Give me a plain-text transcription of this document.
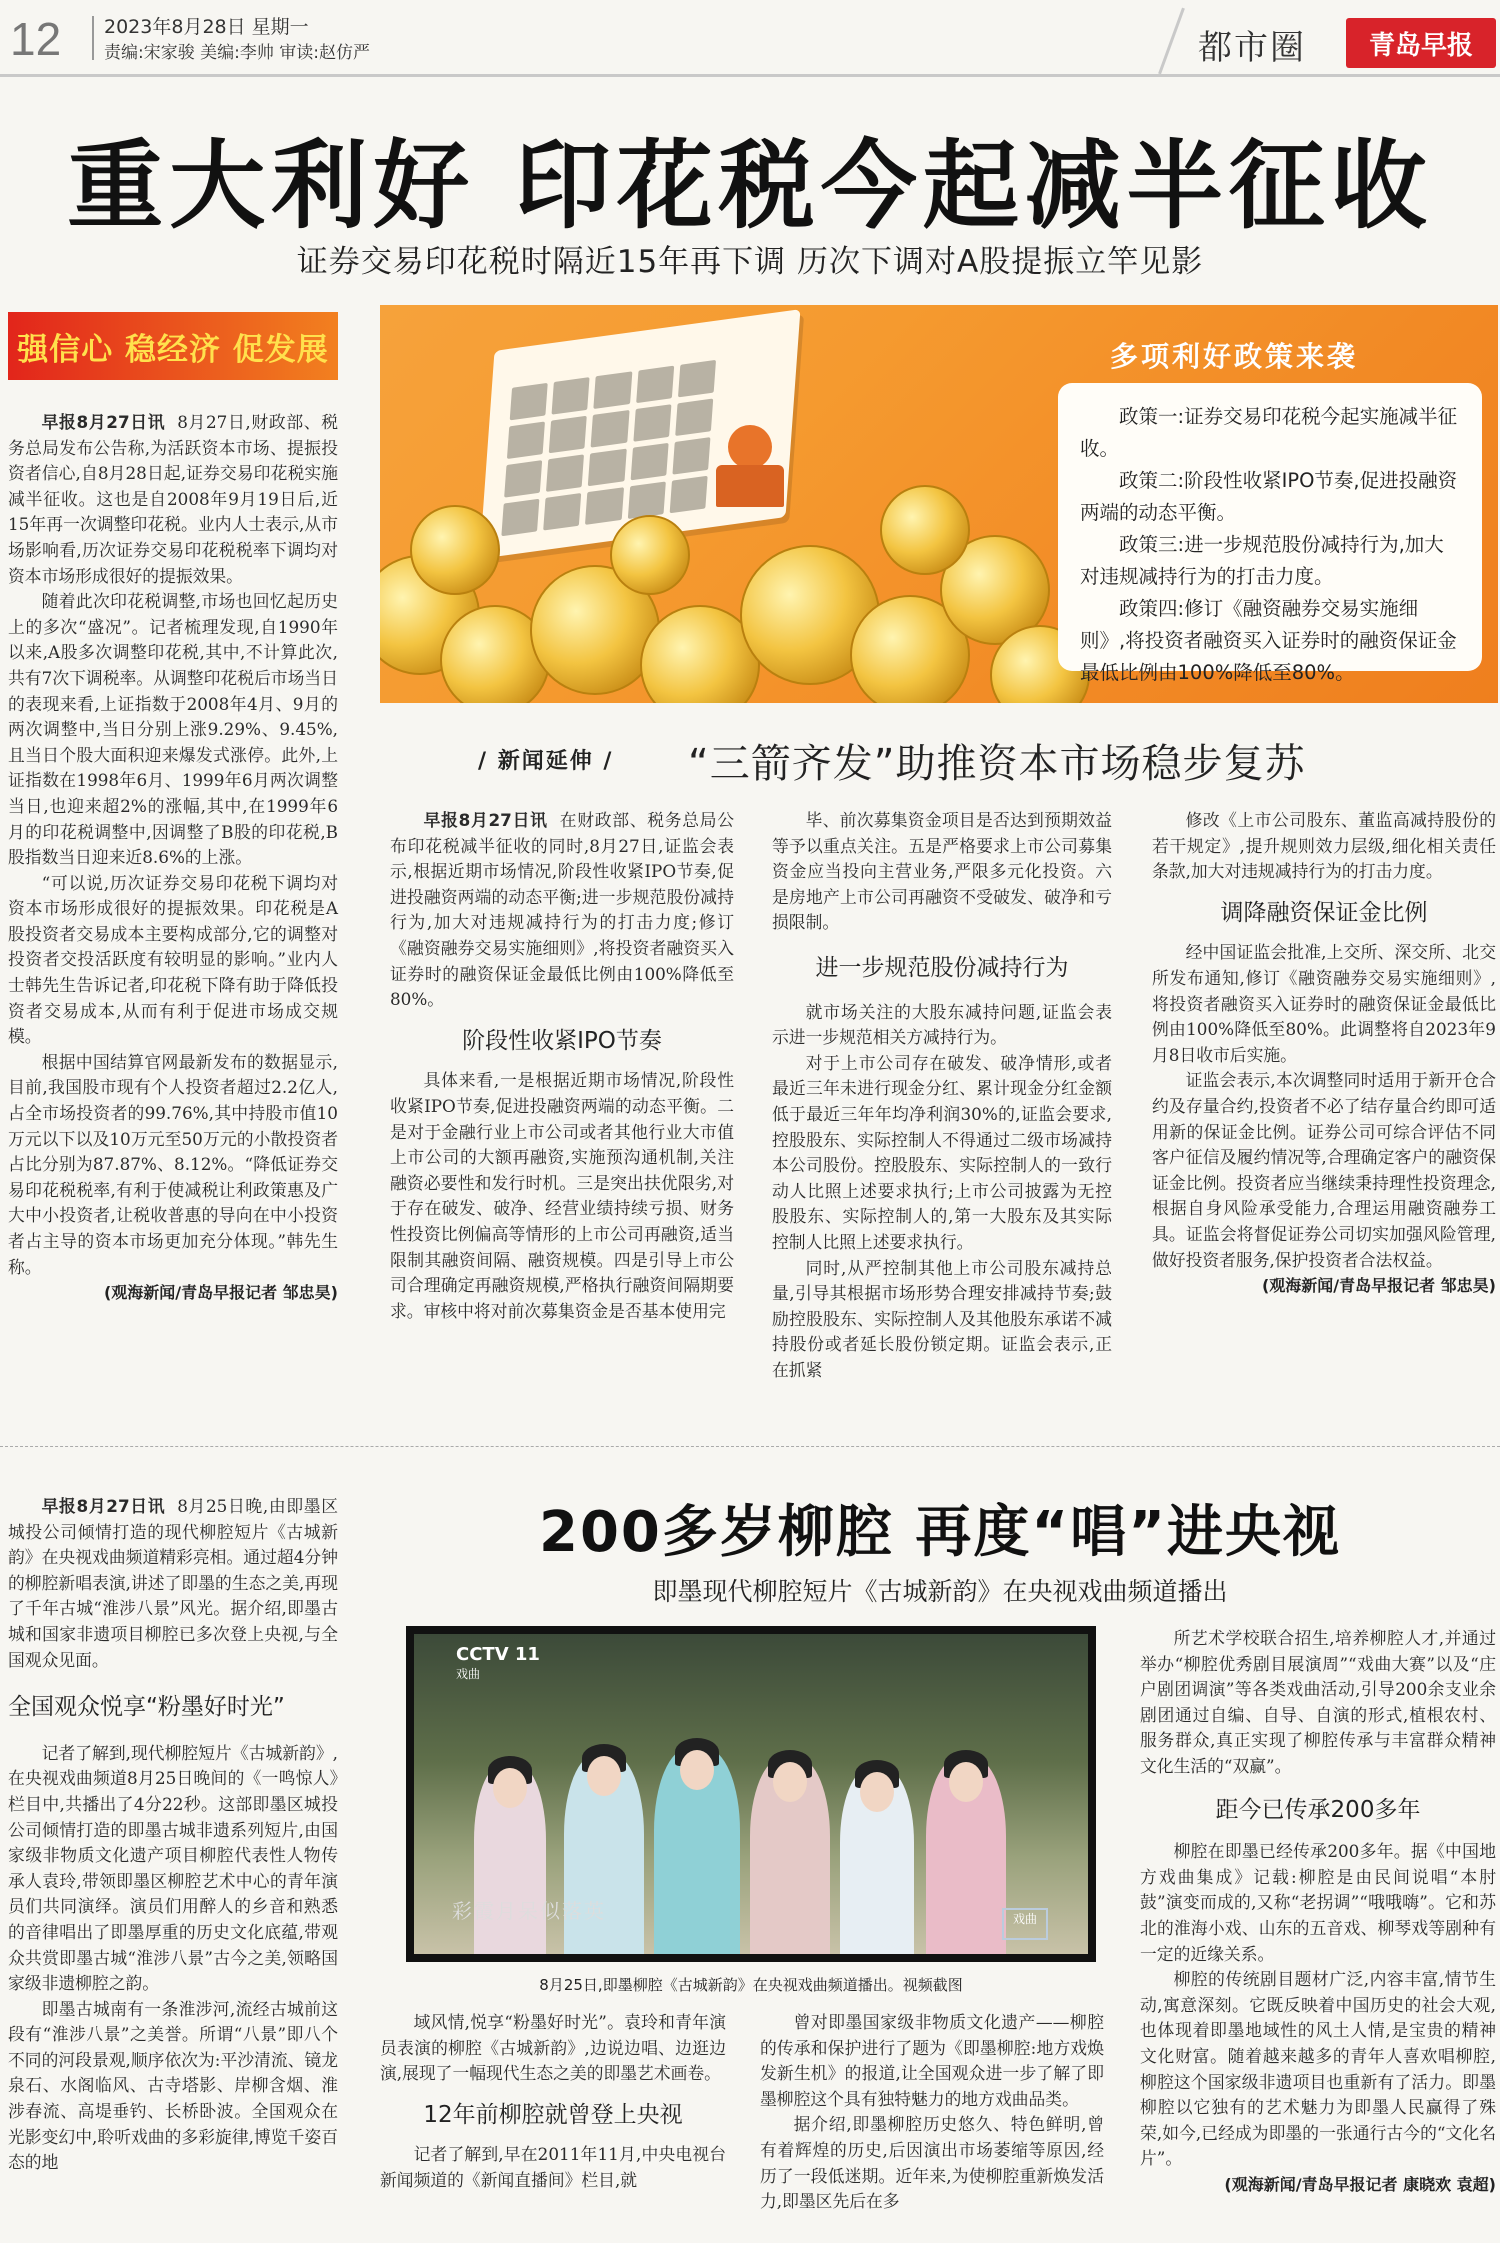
12 2023年8月28日 星期一
责编:宋家骏 美编:李帅 审读:赵仿严	都市圈	青岛早报
重大利好 印花税今起减半征收
证券交易印花税时隔近15年再下调 历次下调对A股提振立竿见影
强信心 稳经济 促发展

早报8月27日讯 8月27日,财政部、税务总局发布公告称,为活跃资本市场、提振投资者信心,自8月28日起,证券交易印花税实施减半征收。这也是自2008年9月19日后,近15年再一次调整印花税。业内人士表示,从市场影响看,历次证券交易印花税税率下调均对资本市场形成很好的提振效果。

随着此次印花税调整,市场也回忆起历史上的多次“盛况”。记者梳理发现,自1990年以来,A股多次调整印花税,其中,不计算此次,共有7次下调税率。从调整印花税后市场当日的表现来看,上证指数于2008年4月、9月的两次调整中,当日分别上涨9.29%、9.45%,且当日个股大面积迎来爆发式涨停。此外,上证指数在1998年6月、1999年6月两次调整当日,也迎来超2%的涨幅,其中,在1999年6月的印花税调整中,因调整了B股的印花税,B股指数当日迎来近8.6%的上涨。

“可以说,历次证券交易印花税下调均对资本市场形成很好的提振效果。印花税是A股投资者交易成本主要构成部分,它的调整对投资者交投活跃度有较明显的影响。”业内人士韩先生告诉记者,印花税下降有助于降低投资者交易成本,从而有利于促进市场成交规模。

根据中国结算官网最新发布的数据显示,目前,我国股市现有个人投资者超过2.2亿人,占全市场投资者的99.76%,其中持股市值10万元以下以及10万元至50万元的小散投资者占比分别为87.87%、8.12%。“降低证券交易印花税税率,有利于使减税让利政策惠及广大中小投资者,让税收普惠的导向在中小投资者占主导的资本市场更加充分体现。”韩先生称。

(观海新闻/青岛早报记者 邹忠昊)
多项利好政策来袭

政策一:证券交易印花税今起实施减半征收。

政策二:阶段性收紧IPO节奏,促进投融资两端的动态平衡。

政策三:进一步规范股份减持行为,加大对违规减持行为的打击力度。

政策四:修订《融资融券交易实施细则》,将投资者融资买入证券时的融资保证金最低比例由100%降低至80%。

/ 新闻延伸 / “三箭齐发”助推资本市场稳步复苏

早报8月27日讯 在财政部、税务总局公布印花税减半征收的同时,8月27日,证监会表示,根据近期市场情况,阶段性收紧IPO节奏,促进投融资两端的动态平衡;进一步规范股份减持行为,加大对违规减持行为的打击力度;修订《融资融券交易实施细则》,将投资者融资买入证券时的融资保证金最低比例由100%降低至80%。

阶段性收紧IPO节奏

具体来看,一是根据近期市场情况,阶段性收紧IPO节奏,促进投融资两端的动态平衡。二是对于金融行业上市公司或者其他行业大市值上市公司的大额再融资,实施预沟通机制,关注融资必要性和发行时机。三是突出扶优限劣,对于存在破发、破净、经营业绩持续亏损、财务性投资比例偏高等情形的上市公司再融资,适当限制其融资间隔、融资规模。四是引导上市公司合理确定再融资规模,严格执行融资间隔期要求。审核中将对前次募集资金是否基本使用完

毕、前次募集资金项目是否达到预期效益等予以重点关注。五是严格要求上市公司募集资金应当投向主营业务,严限多元化投资。六是房地产上市公司再融资不受破发、破净和亏损限制。

进一步规范股份减持行为

就市场关注的大股东减持问题,证监会表示进一步规范相关方减持行为。

对于上市公司存在破发、破净情形,或者最近三年未进行现金分红、累计现金分红金额低于最近三年年均净利润30%的,证监会要求,控股股东、实际控制人不得通过二级市场减持本公司股份。控股股东、实际控制人的一致行动人比照上述要求执行;上市公司披露为无控股股东、实际控制人的,第一大股东及其实际控制人比照上述要求执行。

同时,从严控制其他上市公司股东减持总量,引导其根据市场形势合理安排减持节奏;鼓励控股股东、实际控制人及其他股东承诺不减持股份或者延长股份锁定期。证监会表示,正在抓紧

修改《上市公司股东、董监高减持股份的若干规定》,提升规则效力层级,细化相关责任条款,加大对违规减持行为的打击力度。

调降融资保证金比例

经中国证监会批准,上交所、深交所、北交所发布通知,修订《融资融券交易实施细则》,将投资者融资买入证券时的融资保证金最低比例由100%降低至80%。此调整将自2023年9月8日收市后实施。

证监会表示,本次调整同时适用于新开仓合约及存量合约,投资者不必了结存量合约即可适用新的保证金比例。证券公司可综合评估不同客户征信及履约情况等,合理确定客户的融资保证金比例。投资者应当继续秉持理性投资理念,根据自身风险承受能力,合理运用融资融券工具。证监会将督促证券公司切实加强风险管理,做好投资者服务,保护投资者合法权益。

(观海新闻/青岛早报记者 邹忠昊)

早报8月27日讯 8月25日晚,由即墨区城投公司倾情打造的现代柳腔短片《古城新韵》在央视戏曲频道精彩亮相。通过超4分钟的柳腔新唱表演,讲述了即墨的生态之美,再现了千年古城“淮涉八景”风光。据介绍,即墨古城和国家非遗项目柳腔已多次登上央视,与全国观众见面。

全国观众悦享“粉墨好时光”

记者了解到,现代柳腔短片《古城新韵》,在央视戏曲频道8月25日晚间的《一鸣惊人》栏目中,共播出了4分22秒。这部即墨区城投公司倾情打造的即墨古城非遗系列短片,由国家级非物质文化遗产项目柳腔代表性人物传承人袁玲,带领即墨区柳腔艺术中心的青年演员们共同演绎。演员们用醉人的乡音和熟悉的音律唱出了即墨厚重的历史文化底蕴,带观众共赏即墨古城“淮涉八景”古今之美,领略国家级非遗柳腔之韵。

即墨古城南有一条淮涉河,流经古城前这段有“淮涉八景”之美誉。所谓“八景”即八个不同的河段景观,顺序依次为:平沙清流、镜龙泉石、水阁临风、古寺塔影、岸柳含烟、淮涉春流、高堤垂钓、长桥卧波。全国观众在光影变幻中,聆听戏曲的多彩旋律,博览千姿百态的地

200多岁柳腔 再度“唱”进央视
即墨现代柳腔短片《古城新韵》在央视戏曲频道播出
CCTV 11
戏曲
彩霞月呆似落英	戏曲
8月25日,即墨柳腔《古城新韵》在央视戏曲频道播出。视频截图

域风情,悦享“粉墨好时光”。袁玲和青年演员表演的柳腔《古城新韵》,边说边唱、边逛边演,展现了一幅现代生态之美的即墨艺术画卷。

12年前柳腔就曾登上央视

记者了解到,早在2011年11月,中央电视台新闻频道的《新闻直播间》栏目,就

曾对即墨国家级非物质文化遗产——柳腔的传承和保护进行了题为《即墨柳腔:地方戏焕发新生机》的报道,让全国观众进一步了解了即墨柳腔这个具有独特魅力的地方戏曲品类。

据介绍,即墨柳腔历史悠久、特色鲜明,曾有着辉煌的历史,后因演出市场萎缩等原因,经历了一段低迷期。近年来,为使柳腔重新焕发活力,即墨区先后在多

所艺术学校联合招生,培养柳腔人才,并通过举办“柳腔优秀剧目展演周”“戏曲大赛”以及“庄户剧团调演”等各类戏曲活动,引导200余支业余剧团通过自编、自导、自演的形式,植根农村、服务群众,真正实现了柳腔传承与丰富群众精神文化生活的“双赢”。

距今已传承200多年

柳腔在即墨已经传承200多年。据《中国地方戏曲集成》记载:柳腔是由民间说唱“本肘鼓”演变而成的,又称“老拐调”“哦哦嗨”。它和苏北的淮海小戏、山东的五音戏、柳琴戏等剧种有一定的近缘关系。

柳腔的传统剧目题材广泛,内容丰富,情节生动,寓意深刻。它既反映着中国历史的社会大观,也体现着即墨地域性的风土人情,是宝贵的精神文化财富。随着越来越多的青年人喜欢唱柳腔,柳腔这个国家级非遗项目也重新有了活力。即墨柳腔以它独有的艺术魅力为即墨人民赢得了殊荣,如今,已经成为即墨的一张通行古今的“文化名片”。

(观海新闻/青岛早报记者 康晓欢 袁超)
